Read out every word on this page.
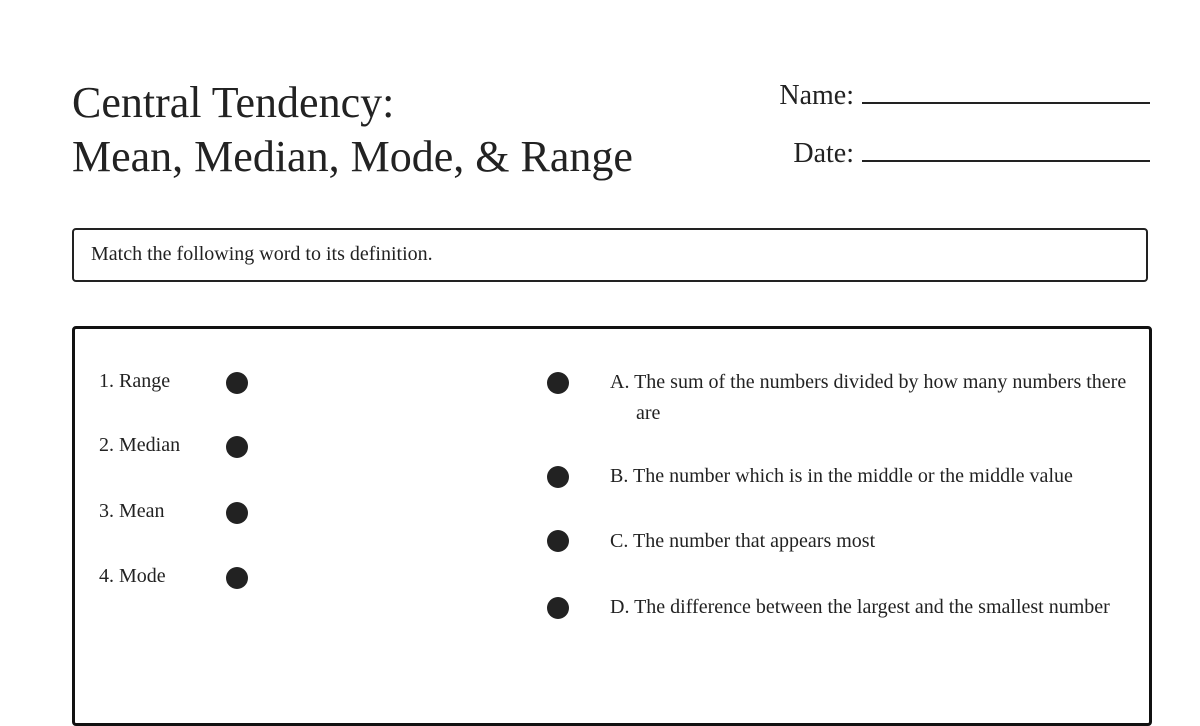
Central Tendency:
Mean, Median, Mode, & Range
Name:
Date:
Match the following word to its definition.
1. Range
2. Median
3. Mean
4. Mode
A. The sum of the numbers divided by how many numbers there are
B. The number which is in the middle or the middle value
C. The number that appears most
D. The difference between the largest and the smallest number
